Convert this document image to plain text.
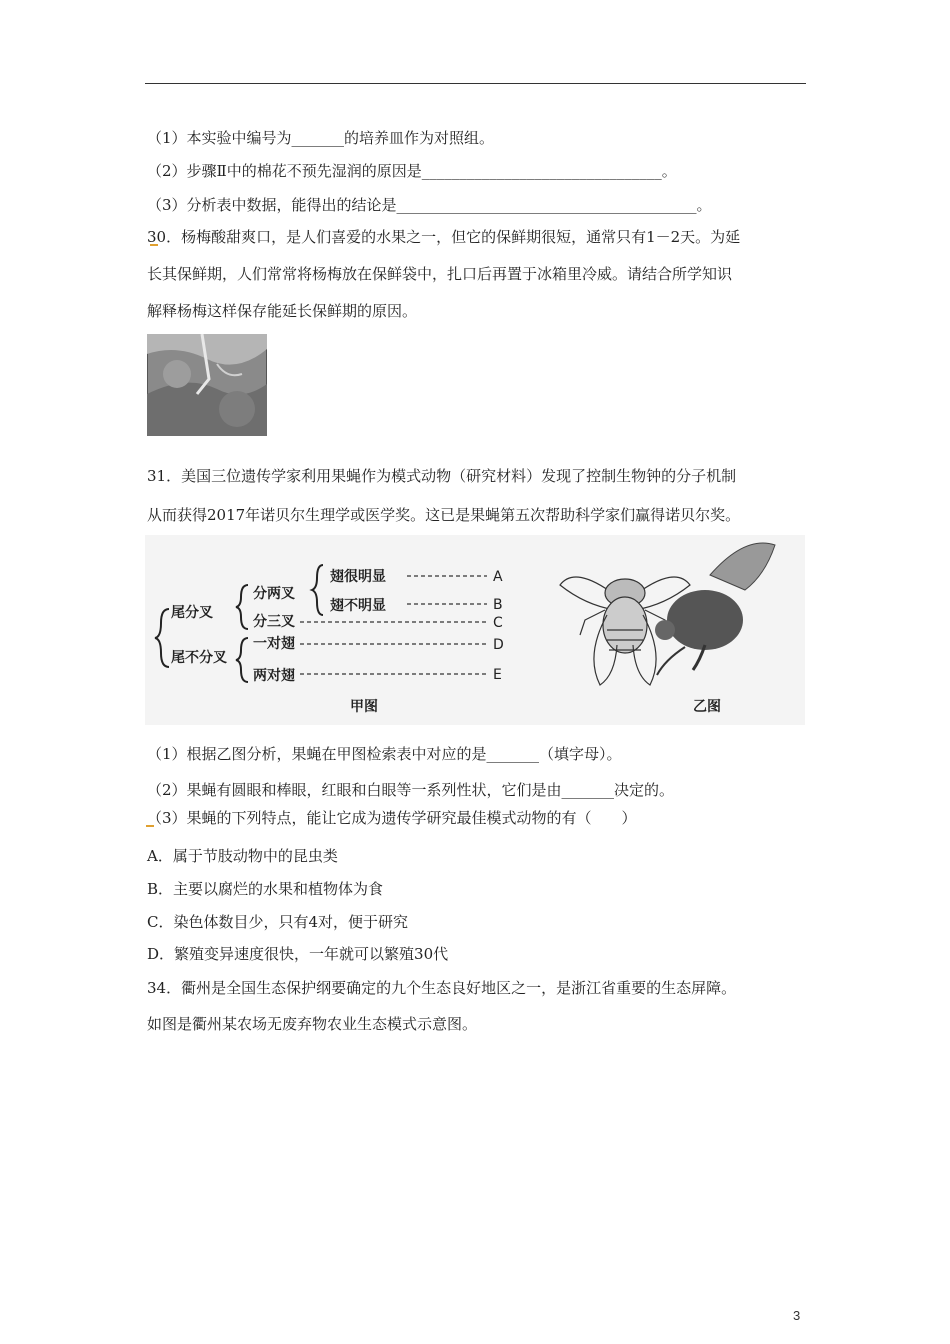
（1）本实验中编号为_______的培养皿作为对照组。
（2）步骤Ⅱ中的棉花不预先湿润的原因是________________________________。
（3）分析表中数据，能得出的结论是________________________________________。
30．杨梅酸甜爽口，是人们喜爱的水果之一，但它的保鲜期很短，通常只有1－2天。为延
长其保鲜期，人们常常将杨梅放在保鲜袋中，扎口后再置于冰箱里冷威。请结合所学知识
解释杨梅这样保存能延长保鲜期的原因。
31．美国三位遗传学家利用果蝇作为模式动物（研究材料）发现了控制生物钟的分子机制
从而获得2017年诺贝尔生理学或医学奖。这已是果蝇第五次帮助科学家们赢得诺贝尔奖。
尾分叉
尾不分叉
分两叉
分三叉
一对翅
两对翅
翅很明显
翅不明显
A
B
C
D
E
甲图	乙图
（1）根据乙图分析，果蝇在甲图检索表中对应的是_______（填字母）。
（2）果蝇有圆眼和棒眼，红眼和白眼等一系列性状，它们是由_______决定的。
（3）果蝇的下列特点，能让它成为遗传学研究最佳模式动物的有（　　）
A．属于节肢动物中的昆虫类
B．主要以腐烂的水果和植物体为食
C．染色体数目少，只有4对，便于研究
D．繁殖变异速度很快，一年就可以繁殖30代
34．衢州是全国生态保护纲要确定的九个生态良好地区之一，是浙江省重要的生态屏障。
如图是衢州某农场无废弃物农业生态模式示意图。
3
